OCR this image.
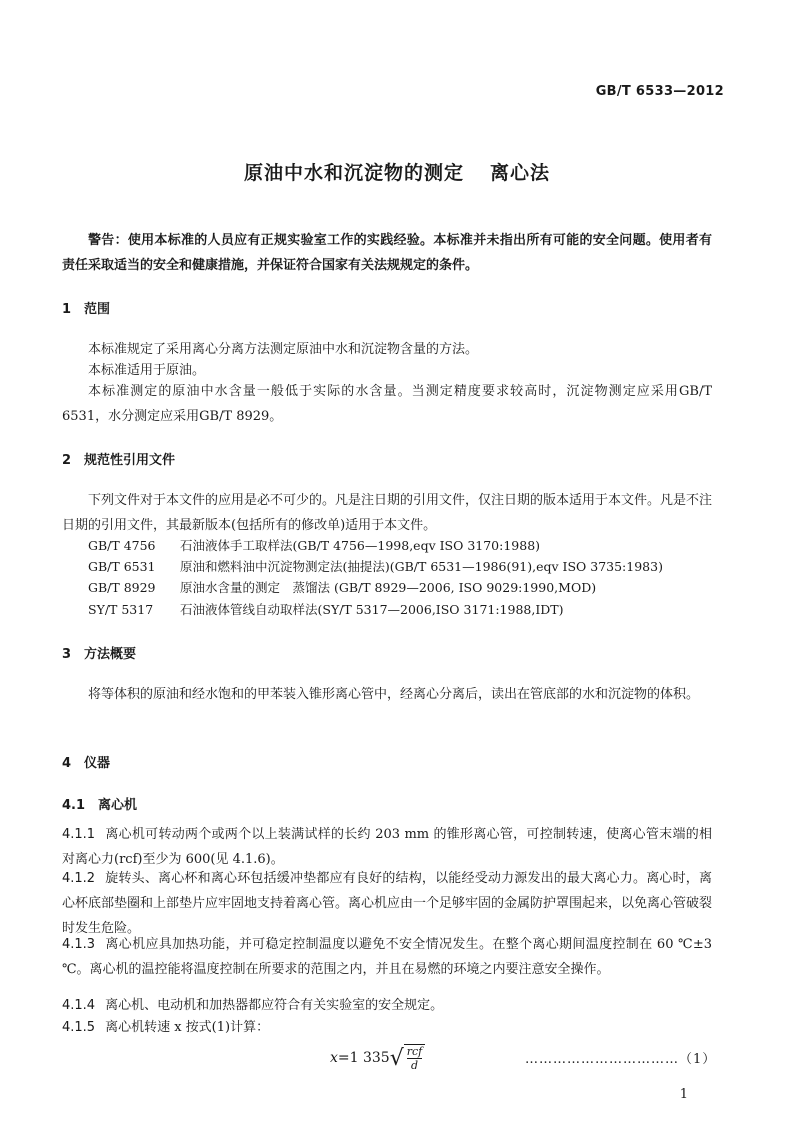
GB/T 6533—2012
原油中水和沉淀物的测定 离心法
警告：使用本标准的人员应有正规实验室工作的实践经验。本标准并未指出所有可能的安全问题。使用者有责任采取适当的安全和健康措施，并保证符合国家有关法规规定的条件。
1 范围
本标准规定了采用离心分离方法测定原油中水和沉淀物含量的方法。
本标准适用于原油。
本标准测定的原油中水含量一般低于实际的水含量。当测定精度要求较高时，沉淀物测定应采用GB/T 6531，水分测定应采用GB/T 8929。
2 规范性引用文件
下列文件对于本文件的应用是必不可少的。凡是注日期的引用文件，仅注日期的版本适用于本文件。凡是不注日期的引用文件，其最新版本(包括所有的修改单)适用于本文件。
GB/T 4756 石油液体手工取样法(GB/T 4756—1998,eqv ISO 3170:1988)
GB/T 6531 原油和燃料油中沉淀物测定法(抽提法)(GB/T 6531—1986(91),eqv ISO 3735:1983)
GB/T 8929 原油水含量的测定　蒸馏法 (GB/T 8929—2006, ISO 9029:1990,MOD)
SY/T 5317 石油液体管线自动取样法(SY/T 5317—2006,ISO 3171:1988,IDT)
3 方法概要
将等体积的原油和经水饱和的甲苯装入锥形离心管中，经离心分离后，读出在管底部的水和沉淀物的体积。
4 仪器
4.1 离心机
4.1.1 离心机可转动两个或两个以上装满试样的长约 203 mm 的锥形离心管，可控制转速，使离心管末端的相对离心力(rcf)至少为 600(见 4.1.6)。
4.1.2 旋转头、离心杯和离心环包括缓冲垫都应有良好的结构，以能经受动力源发出的最大离心力。离心时，离心杯底部垫圈和上部垫片应牢固地支持着离心管。离心机应由一个足够牢固的金属防护罩围起来，以免离心管破裂时发生危险。
4.1.3 离心机应具加热功能，并可稳定控制温度以避免不安全情况发生。在整个离心期间温度控制在 60 ℃±3 ℃。离心机的温控能将温度控制在所要求的范围之内，并且在易燃的环境之内要注意安全操作。
4.1.4 离心机、电动机和加热器都应符合有关实验室的安全规定。
4.1.5 离心机转速 x 按式(1)计算：
x=1 335√ rcf
d	……………………………（1）
1
